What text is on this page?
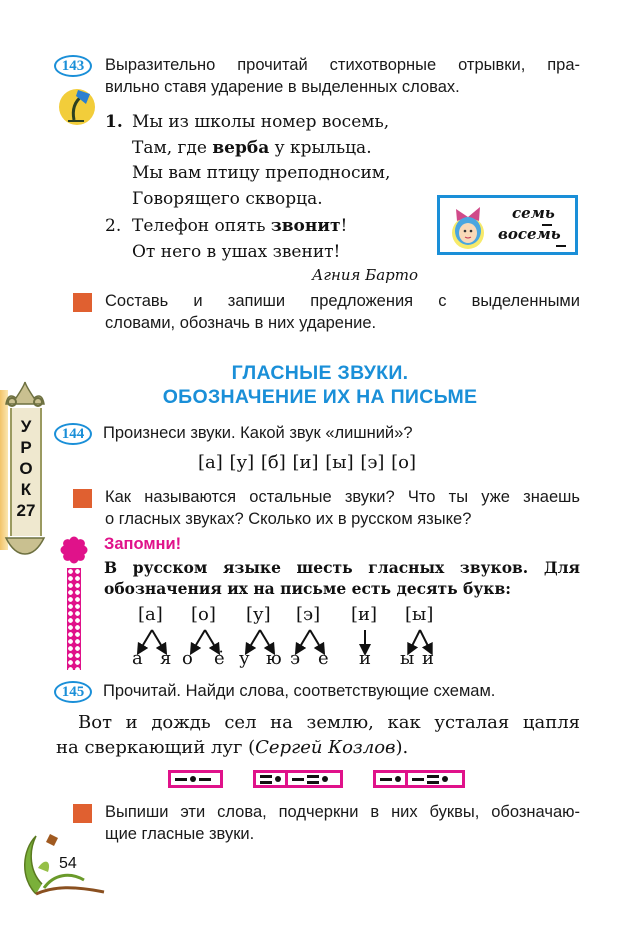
143	Выразительно прочитай стихотворные отрывки, пра-
вильно ставя ударение в выделенных словах.
1. Мы из школы номер восемь,
Там, где верба у крыльца.
Мы вам птицу преподносим,
Говорящего скворца.
2. Телефон опять звонит!
От него в ушах звенит!
Агния Барто
семь
восемь
Составь и запиши предложения с выделенными
словами, обозначь в них ударение.
ГЛАСНЫЕ ЗВУКИ.
ОБОЗНАЧЕНИЕ ИХ НА ПИСЬМЕ
У
Р
О
К
27
144	Произнеси звуки. Какой звук «лишний»?
[а] [у] [б] [и] [ы] [э] [о]
Как называются остальные звуки? Что ты уже знаешь
о гласных звуках? Сколько их в русском языке?
Запомни!
В русском языке шесть гласных звуков. Для
обозначения их на письме есть десять букв:
[а] [о] [у] [э] [и] [ы]
а я о ё у ю э е и ы и
145	Прочитай. Найди слова, соответствующие схемам.
Вот и дождь сел на землю, как усталая цапля
на сверкающий луг (Сергей Козлов).
Выпиши эти слова, подчеркни в них буквы, обозначаю-
щие гласные звуки.
54
